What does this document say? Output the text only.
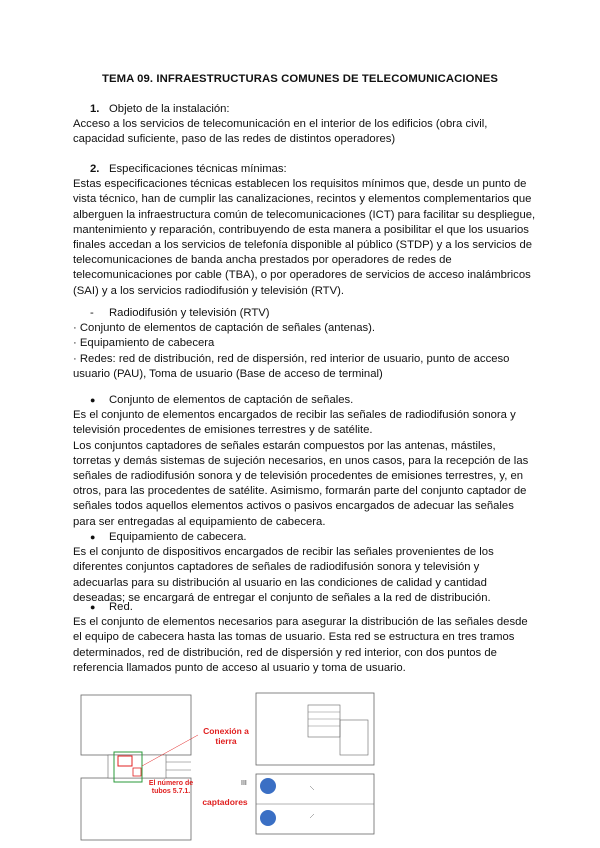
TEMA 09. INFRAESTRUCTURAS COMUNES DE TELECOMUNICACIONES

1. Objeto de la instalación:

Acceso a los servicios de telecomunicación en el interior de los edificios (obra civil,

capacidad suficiente, paso de las redes de distintos operadores)

2. Especificaciones técnicas mínimas:

Estas especificaciones técnicas establecen los requisitos mínimos que, desde un punto de

vista técnico, han de cumplir las canalizaciones, recintos y elementos complementarios que

alberguen la infraestructura común de telecomunicaciones (ICT) para facilitar su despliegue,

mantenimiento y reparación, contribuyendo de esta manera a posibilitar el que los usuarios

finales accedan a los servicios de telefonía disponible al público (STDP) y a los servicios de

telecomunicaciones de banda ancha prestados por operadores de redes de

telecomunicaciones por cable (TBA), o por operadores de servicios de acceso inalámbricos

(SAI) y a los servicios radiodifusión y televisión (RTV).

- Radiodifusión y televisión (RTV)

· Conjunto de elementos de captación de señales (antenas).

· Equipamiento de cabecera

· Redes: red de distribución, red de dispersión, red interior de usuario, punto de acceso

usuario (PAU), Toma de usuario (Base de acceso de terminal)

● Conjunto de elementos de captación de señales.

Es el conjunto de elementos encargados de recibir las señales de radiodifusión sonora y

televisión procedentes de emisiones terrestres y de satélite.

Los conjuntos captadores de señales estarán compuestos por las antenas, mástiles,

torretas y demás sistemas de sujeción necesarios, en unos casos, para la recepción de las

señales de radiodifusión sonora y de televisión procedentes de emisiones terrestres, y, en

otros, para las procedentes de satélite. Asimismo, formarán parte del conjunto captador de

señales todos aquellos elementos activos o pasivos encargados de adecuar las señales

para ser entregadas al equipamiento de cabecera.

● Equipamiento de cabecera.

Es el conjunto de dispositivos encargados de recibir las señales provenientes de los

diferentes conjuntos captadores de señales de radiodifusión sonora y televisión y

adecuarlas para su distribución al usuario en las condiciones de calidad y cantidad

deseadas; se encargará de entregar el conjunto de señales a la red de distribución.

● Red.

Es el conjunto de elementos necesarios para asegurar la distribución de las señales desde

el equipo de cabecera hasta las tomas de usuario. Esta red se estructura en tres tramos

determinados, red de distribución, red de dispersión y red interior, con dos puntos de

referencia llamados punto de acceso al usuario y toma de usuario.

Conexión a tierra
El número de tubos 5.7.1.
captadores
III
